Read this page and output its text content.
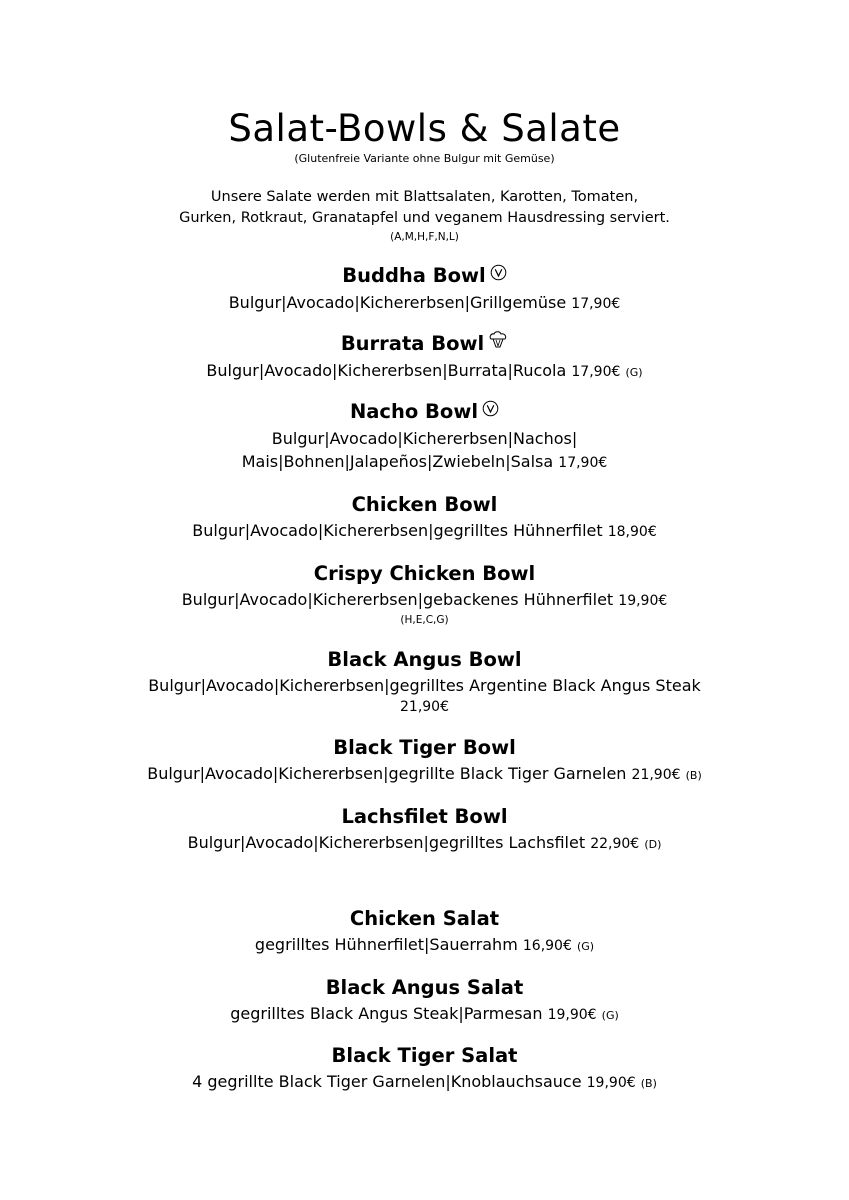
Salat-Bowls & Salate
(Glutenfreie Variante ohne Bulgur mit Gemüse)
Unsere Salate werden mit Blattsalaten, Karotten, Tomaten,
Gurken, Rotkraut, Granatapfel und veganem Hausdressing serviert.
(A,M,H,F,N,L)
Buddha Bowl
Bulgur|Avocado|Kichererbsen|Grillgemüse 17,90€
Burrata Bowl
Bulgur|Avocado|Kichererbsen|Burrata|Rucola 17,90€ (G)
Nacho Bowl
Bulgur|Avocado|Kichererbsen|Nachos|
Mais|Bohnen|Jalapeños|Zwiebeln|Salsa 17,90€
Chicken Bowl
Bulgur|Avocado|Kichererbsen|gegrilltes Hühnerfilet 18,90€
Crispy Chicken Bowl
Bulgur|Avocado|Kichererbsen|gebackenes Hühnerfilet 19,90€
(H,E,C,G)
Black Angus Bowl
Bulgur|Avocado|Kichererbsen|gegrilltes Argentine Black Angus Steak
21,90€
Black Tiger Bowl
Bulgur|Avocado|Kichererbsen|gegrillte Black Tiger Garnelen 21,90€ (B)
Lachsfilet Bowl
Bulgur|Avocado|Kichererbsen|gegrilltes Lachsfilet 22,90€ (D)
Chicken Salat
gegrilltes Hühnerfilet|Sauerrahm 16,90€ (G)
Black Angus Salat
gegrilltes Black Angus Steak|Parmesan 19,90€ (G)
Black Tiger Salat
4 gegrillte Black Tiger Garnelen|Knoblauchsauce 19,90€ (B)
